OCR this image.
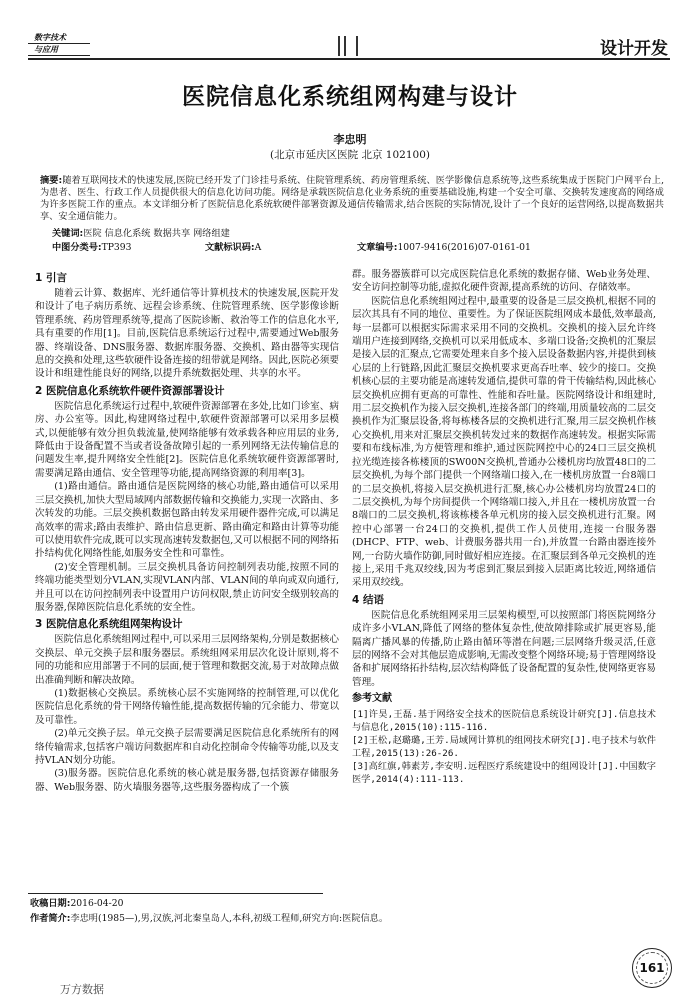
数字技术
与应用	设计开发
医院信息化系统组网构建与设计
李忠明
(北京市延庆区医院 北京 102100)
摘要:随着互联网技术的快速发展,医院已经开发了门诊挂号系统、住院管理系统、药房管理系统、医学影像信息系统等,这些系统集成于医院门户网平台上,为患者、医生、行政工作人员提供很大的信息化访问功能。网络是承载医院信息化业务系统的重要基础设施,构建一个安全可靠、交换转发速度高的网络成为许多医院工作的重点。本文详细分析了医院信息化系统软硬件部署资源及通信传输需求,结合医院的实际情况,设计了一个良好的运营网络,以提高数据共享、安全通信能力。
关键词:医院 信息化系统 数据共享 网络组建
中图分类号:TP393	文献标识码:A	文章编号:1007-9416(2016)07-0161-01
1 引言

随着云计算、数据库、光纤通信等计算机技术的快速发展,医院开发和设计了电子病历系统、远程会诊系统、住院管理系统、医学影像诊断管理系统、药房管理系统等,提高了医院诊断、救治等工作的信息化水平,具有重要的作用[1]。目前,医院信息系统运行过程中,需要通过Web服务器、终端设备、DNS服务器、数据库服务器、交换机、路由器等实现信息的交换和处理,这些软硬件设备连接的纽带就是网络。因此,医院必须要设计和组建性能良好的网络,以提升系统数据处理、共享的水平。

2 医院信息化系统软件硬件资源部署设计

医院信息化系统运行过程中,软硬件资源部署在多处,比如门诊室、病房、办公室等。因此,构建网络过程中,软硬件资源部署可以采用多层模式,以便能够有效分担负载流量,使网络能够有效承载各种应用层的业务,降低由于设备配置不当或者设备故障引起的一系列网络无法传输信息的问题发生率,提升网络安全性能[2]。医院信息化系统软硬件资源部署时,需要满足路由通信、安全管理等功能,提高网络资源的利用率[3]。

(1)路由通信。路由通信是医院网络的核心功能,路由通信可以采用三层交换机,加快大型局域网内部数据传输和交换能力,实现一次路由、多次转发的功能。三层交换机数据包路由转发采用硬件器件完成,可以满足高效率的需求;路由表维护、路由信息更新、路由确定和路由计算等功能可以使用软件完成,既可以实现高速转发数据包,又可以根据不同的网络拓扑结构优化网络性能,如服务安全性和可靠性。

(2)安全管理机制。三层交换机具备访问控制列表功能,按照不同的终端功能类型划分VLAN,实现VLAN内部、VLAN间的单向或双向通行,并且可以在访问控制列表中设置用户访问权限,禁止访问安全级别较高的服务器,保障医院信息化系统的安全性。

3 医院信息化系统组网架构设计

医院信息化系统组网过程中,可以采用三层网络架构,分别是数据核心交换层、单元交换子层和服务器层。系统组网采用层次化设计原则,将不同的功能和应用部署于不同的层面,便于管理和数据交流,易于对故障点做出准确判断和解决故障。

(1)数据核心交换层。系统核心层不实施网络的控制管理,可以优化医院信息化系统的骨干网络传输性能,提高数据传输的冗余能力、带宽以及可靠性。

(2)单元交换子层。单元交换子层需要满足医院信息化系统所有的网络传输需求,包括客户端访问数据库和自动化控制命令传输等功能,以及支持VLAN划分功能。

(3)服务器。医院信息化系统的核心就是服务器,包括资源存储服务器、Web服务器、防火墙服务器等,这些服务器构成了一个簇

群。服务器簇群可以完成医院信息化系统的数据存储、Web业务处理、安全访问控制等功能,虚拟化硬件资源,提高系统的访问、存储效率。

医院信息化系统组网过程中,最重要的设备是三层交换机,根据不同的层次其具有不同的地位、重要性。为了保证医院组网成本最低,效率最高,每一层都可以根据实际需求采用不同的交换机。交换机的接入层允许终端用户连接到网络,交换机可以采用低成本、多端口设备;交换机的汇聚层是接入层的汇聚点,它需要处理来自多个接入层设备数据内容,并提供到核心层的上行链路,因此汇聚层交换机要求更高吞吐率、较少的接口。交换机核心层的主要功能是高速转发通信,提供可靠的骨干传输结构,因此核心层交换机应拥有更高的可靠性、性能和吞吐量。医院网络设计和组建时,用二层交换机作为接入层交换机,连接各部门的终端,用质量较高的二层交换机作为汇聚层设备,将每栋楼各层的交换机进行汇聚,用三层交换机作核心交换机,用来对汇聚层交换机转发过来的数据作高速转发。根据实际需要和布线标准,为方便管理和维护,通过医院网控中心的24口三层交换机拉光缆连接各栋楼顶的SW00N交换机,普通办公楼机房均放置48口的二层交换机,为每个部门提供一个网络端口接入,在一楼机房放置一台8端口的二层交换机,将接入层交换机进行汇聚,核心办公楼机房均放置24口的二层交换机,为每个房间提供一个网络端口接入,并且在一楼机房放置一台8端口的二层交换机,将该栋楼各单元机房的接入层交换机进行汇聚。网控中心部署一台24口的交换机,提供工作人员使用,连接一台服务器(DHCP、FTP、web、计费服务器共用一台),并放置一台路由器连接外网,一台防火墙作防御,同时做好相应连接。在汇聚层到各单元交换机的连接上,采用千兆双绞线,因为考虑到汇聚层到接入层距离比较近,网络通信采用双绞线。

4 结语

医院信息化系统组网采用三层架构模型,可以按照部门将医院网络分成许多小VLAN,降低了网络的整体复杂性,使故障排除或扩展更容易,能隔离广播风暴的传播,防止路由循环等潜在问题;三层网络升级灵活,任意层的网络不会对其他层造成影响,无需改变整个网络环境;易于管理网络设备和扩展网络拓扑结构,层次结构降低了设备配置的复杂性,使网络更容易管理。

参考文献

[1]许昊,王磊.基于网络安全技术的医院信息系统设计研究[J].信息技术与信息化,2015(10):115-116.

[2]王松,赵璐璐,王芳.局域网计算机的组网技术研究[J].电子技术与软件工程,2015(13):26-26.

[3]高红旗,韩素芳,李安明.远程医疗系统建设中的组网设计[J].中国数字医学,2014(4):111-113.

收稿日期:2016-04-20
作者简介:李忠明(1985—),男,汉族,河北秦皇岛人,本科,初级工程师,研究方向:医院信息。
161
万方数据
